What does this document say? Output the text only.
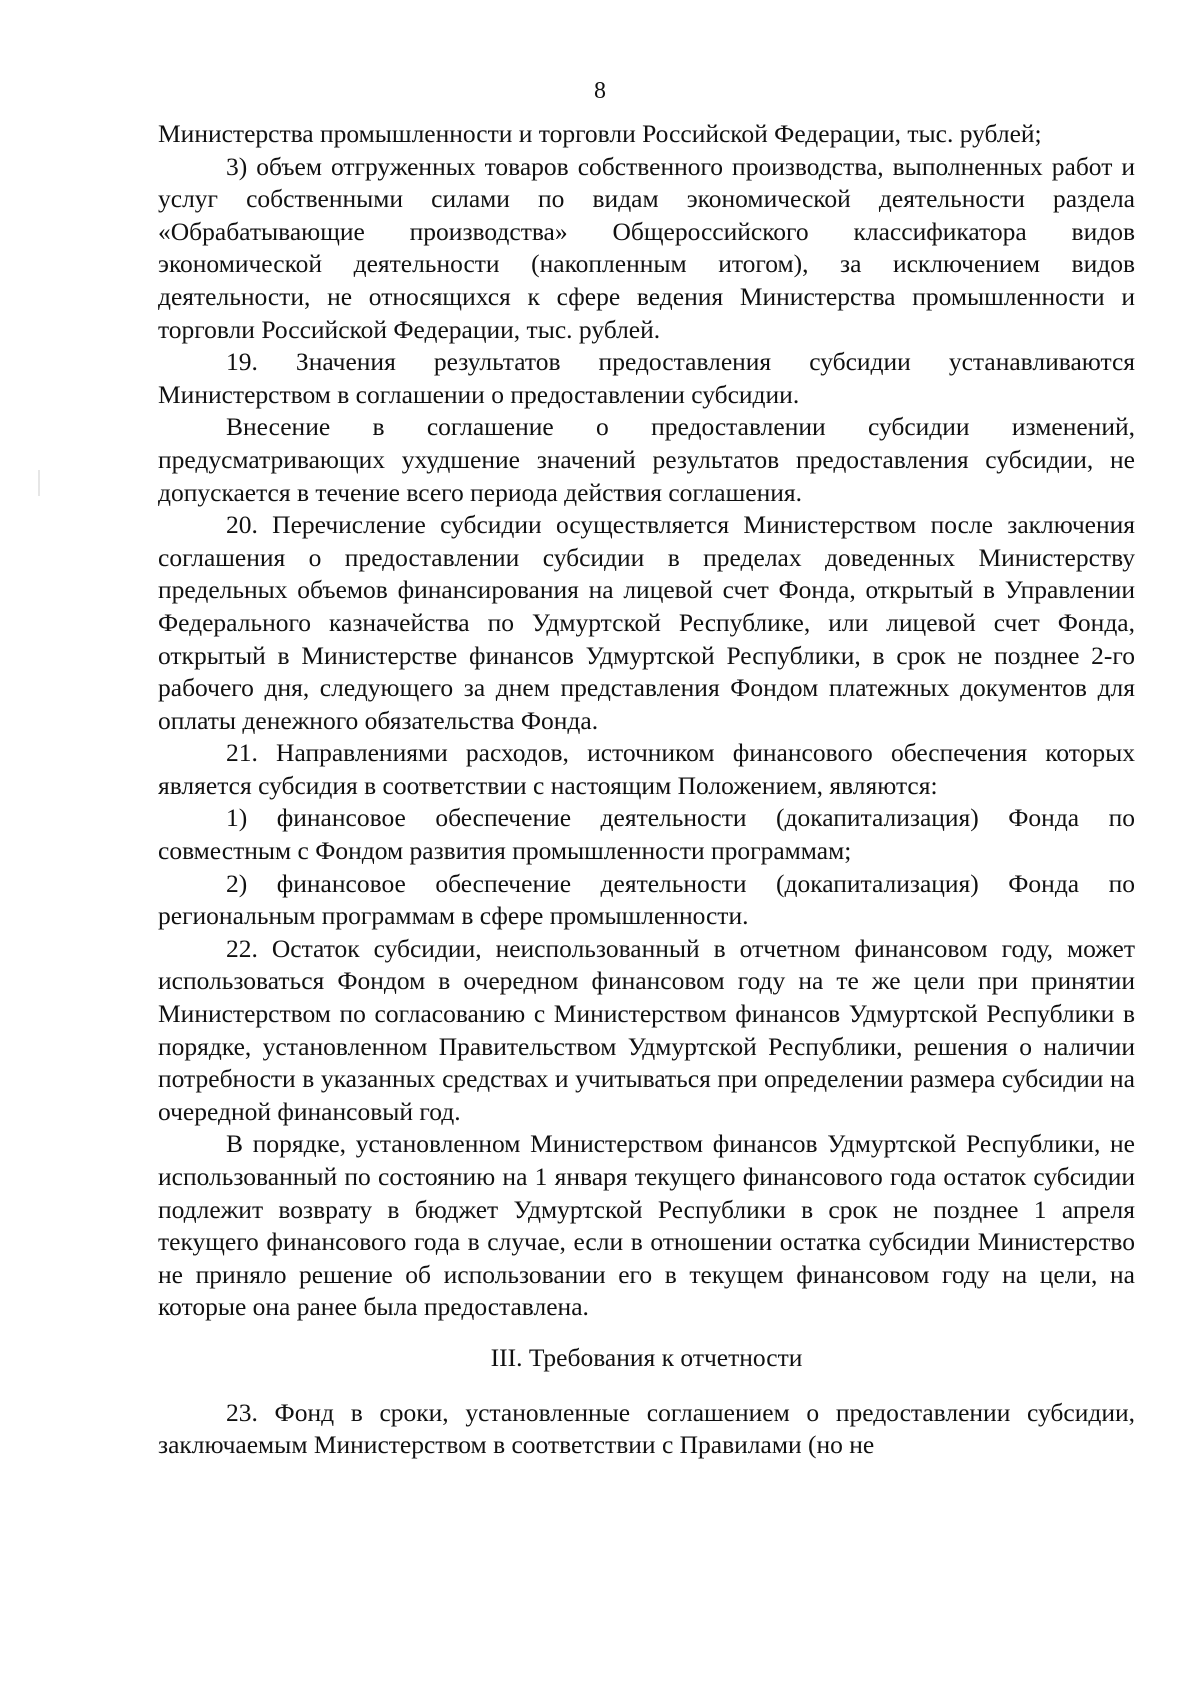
8

Министерства промышленности и торговли Российской Федерации, тыс. рублей;

3) объем отгруженных товаров собственного производства, выполненных работ и услуг собственными силами по видам экономической деятельности раздела «Обрабатывающие производства» Общероссийского классификатора видов экономической деятельности (накопленным итогом), за исключением видов деятельности, не относящихся к сфере ведения Министерства промышленности и торговли Российской Федерации, тыс. рублей.

19. Значения результатов предоставления субсидии устанавливаются Министерством в соглашении о предоставлении субсидии.

Внесение в соглашение о предоставлении субсидии изменений, предусматривающих ухудшение значений результатов предоставления субсидии, не допускается в течение всего периода действия соглашения.

20. Перечисление субсидии осуществляется Министерством после заключения соглашения о предоставлении субсидии в пределах доведенных Министерству предельных объемов финансирования на лицевой счет Фонда, открытый в Управлении Федерального казначейства по Удмуртской Республике, или лицевой счет Фонда, открытый в Министерстве финансов Удмуртской Республики, в срок не позднее 2-го рабочего дня, следующего за днем представления Фондом платежных документов для оплаты денежного обязательства Фонда.

21. Направлениями расходов, источником финансового обеспечения которых является субсидия в соответствии с настоящим Положением, являются:

1) финансовое обеспечение деятельности (докапитализация) Фонда по совместным с Фондом развития промышленности программам;

2) финансовое обеспечение деятельности (докапитализация) Фонда по региональным программам в сфере промышленности.

22. Остаток субсидии, неиспользованный в отчетном финансовом году, может использоваться Фондом в очередном финансовом году на те же цели при принятии Министерством по согласованию с Министерством финансов Удмуртской Республики в порядке, установленном Правительством Удмуртской Республики, решения о наличии потребности в указанных средствах и учитываться при определении размера субсидии на очередной финансовый год.

В порядке, установленном Министерством финансов Удмуртской Республики, не использованный по состоянию на 1 января текущего финансового года остаток субсидии подлежит возврату в бюджет Удмуртской Республики в срок не позднее 1 апреля текущего финансового года в случае, если в отношении остатка субсидии Министерство не приняло решение об использовании его в текущем финансовом году на цели, на которые она ранее была предоставлена.

III. Требования к отчетности

23. Фонд в сроки, установленные соглашением о предоставлении субсидии, заключаемым Министерством в соответствии с Правилами (но не
